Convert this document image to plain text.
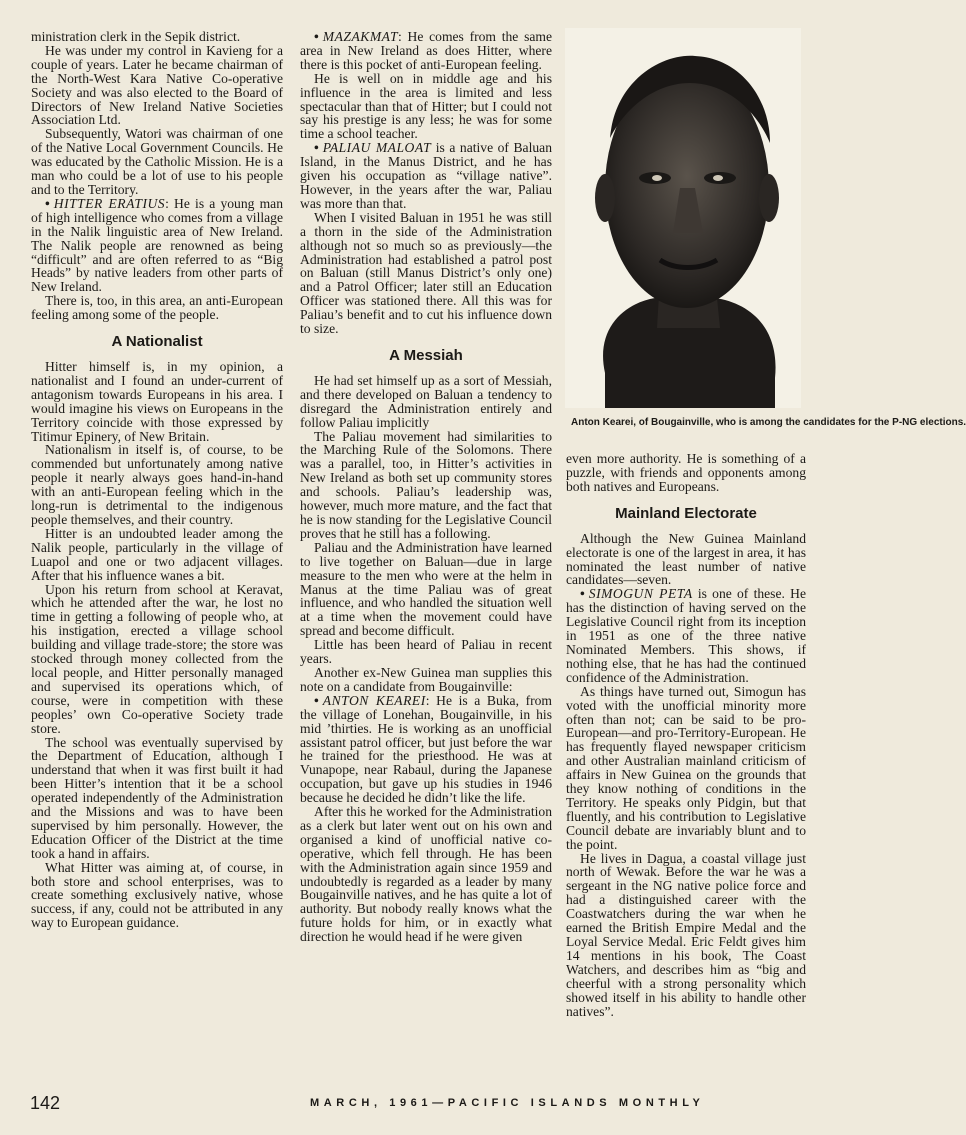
ministration clerk in the Sepik district.

He was under my control in Kavieng for a couple of years. Later he became chairman of the North-West Kara Native Co-operative Society and was also elected to the Board of Directors of New Ireland Native Societies Association Ltd.

Subsequently, Watori was chairman of one of the Native Local Government Councils. He was educated by the Catholic Mission. He is a man who could be a lot of use to his people and to the Territory.

• HITTER ERATIUS: He is a young man of high intelligence who comes from a village in the Nalik linguistic area of New Ireland. The Nalik people are renowned as being “difficult” and are often referred to as “Big Heads” by native leaders from other parts of New Ireland.

There is, too, in this area, an anti-European feeling among some of the people.

A Nationalist

Hitter himself is, in my opinion, a nationalist and I found an under-current of antagonism towards Europeans in his area. I would imagine his views on Europeans in the Territory coincide with those expressed by Titimur Epinery, of New Britain.

Nationalism in itself is, of course, to be commended but unfortunately among native people it nearly always goes hand-in-hand with an anti-European feeling which in the long-run is detrimental to the indigenous people themselves, and their country.

Hitter is an undoubted leader among the Nalik people, particularly in the village of Luapol and one or two adjacent villages. After that his influence wanes a bit.

Upon his return from school at Keravat, which he attended after the war, he lost no time in getting a following of people who, at his instigation, erected a village school building and village trade-store; the store was stocked through money collected from the local people, and Hitter personally managed and supervised its operations which, of course, were in competition with these peoples’ own Co-operative Society trade store.

The school was eventually supervised by the Department of Education, although I understand that when it was first built it had been Hitter’s intention that it be a school operated independently of the Administration and the Missions and was to have been supervised by him personally. However, the Education Officer of the District at the time took a hand in affairs.

What Hitter was aiming at, of course, in both store and school enterprises, was to create something exclusively native, whose success, if any, could not be attributed in any way to European guidance.

• MAZAKMAT: He comes from the same area in New Ireland as does Hitter, where there is this pocket of anti-European feeling.

He is well on in middle age and his influence in the area is limited and less spectacular than that of Hitter; but I could not say his prestige is any less; he was for some time a school teacher.

• PALIAU MALOAT is a native of Baluan Island, in the Manus District, and he has given his occupation as “village native”. However, in the years after the war, Paliau was more than that.

When I visited Baluan in 1951 he was still a thorn in the side of the Administration although not so much so as previously—the Administration had established a patrol post on Baluan (still Manus District’s only one) and a Patrol Officer; later still an Education Officer was stationed there. All this was for Paliau’s benefit and to cut his influence down to size.

A Messiah

He had set himself up as a sort of Messiah, and there developed on Baluan a tendency to disregard the Administration entirely and follow Paliau implicitly

The Paliau movement had similarities to the Marching Rule of the Solomons. There was a parallel, too, in Hitter’s activities in New Ireland as both set up community stores and schools. Paliau’s leadership was, however, much more mature, and the fact that he is now standing for the Legislative Council proves that he still has a following.

Paliau and the Administration have learned to live together on Baluan—due in large measure to the men who were at the helm in Manus at the time Paliau was of great influence, and who handled the situation well at a time when the movement could have spread and become difficult.

Little has been heard of Paliau in recent years.

Another ex-New Guinea man supplies this note on a candidate from Bougainville:

• ANTON KEAREI: He is a Buka, from the village of Lonehan, Bougainville, in his mid ’thirties. He is working as an unofficial assistant patrol officer, but just before the war he trained for the priesthood. He was at Vunapope, near Rabaul, during the Japanese occupation, but gave up his studies in 1946 because he decided he didn’t like the life.

After this he worked for the Administration as a clerk but later went out on his own and organised a kind of unofficial native co-operative, which fell through. He has been with the Administration again since 1959 and undoubtedly is regarded as a leader by many Bougainville natives, and he has quite a lot of authority. But nobody really knows what the future holds for him, or in exactly what direction he would head if he were given

Anton Kearei, of Bougainville, who is among the candidates for the P-NG elections.

even more authority. He is something of a puzzle, with friends and opponents among both natives and Europeans.

Mainland Electorate

Although the New Guinea Mainland electorate is one of the largest in area, it has nominated the least number of native candidates—seven.

• SIMOGUN PETA is one of these. He has the distinction of having served on the Legislative Council right from its inception in 1951 as one of the three native Nominated Members. This shows, if nothing else, that he has had the continued confidence of the Administration.

As things have turned out, Simogun has voted with the unofficial minority more often than not; can be said to be pro-European—and pro-Territory-European. He has frequently flayed newspaper criticism and other Australian mainland criticism of affairs in New Guinea on the grounds that they know nothing of conditions in the Territory. He speaks only Pidgin, but that fluently, and his contribution to Legislative Council debate are invariably blunt and to the point.

He lives in Dagua, a coastal village just north of Wewak. Before the war he was a sergeant in the NG native police force and had a distinguished career with the Coastwatchers during the war when he earned the British Empire Medal and the Loyal Service Medal. Eric Feldt gives him 14 mentions in his book, The Coast Watchers, and describes him as “big and cheerful with a strong personality which showed itself in his ability to handle other natives”.

142	MARCH, 1961—PACIFIC ISLANDS MONTHLY
